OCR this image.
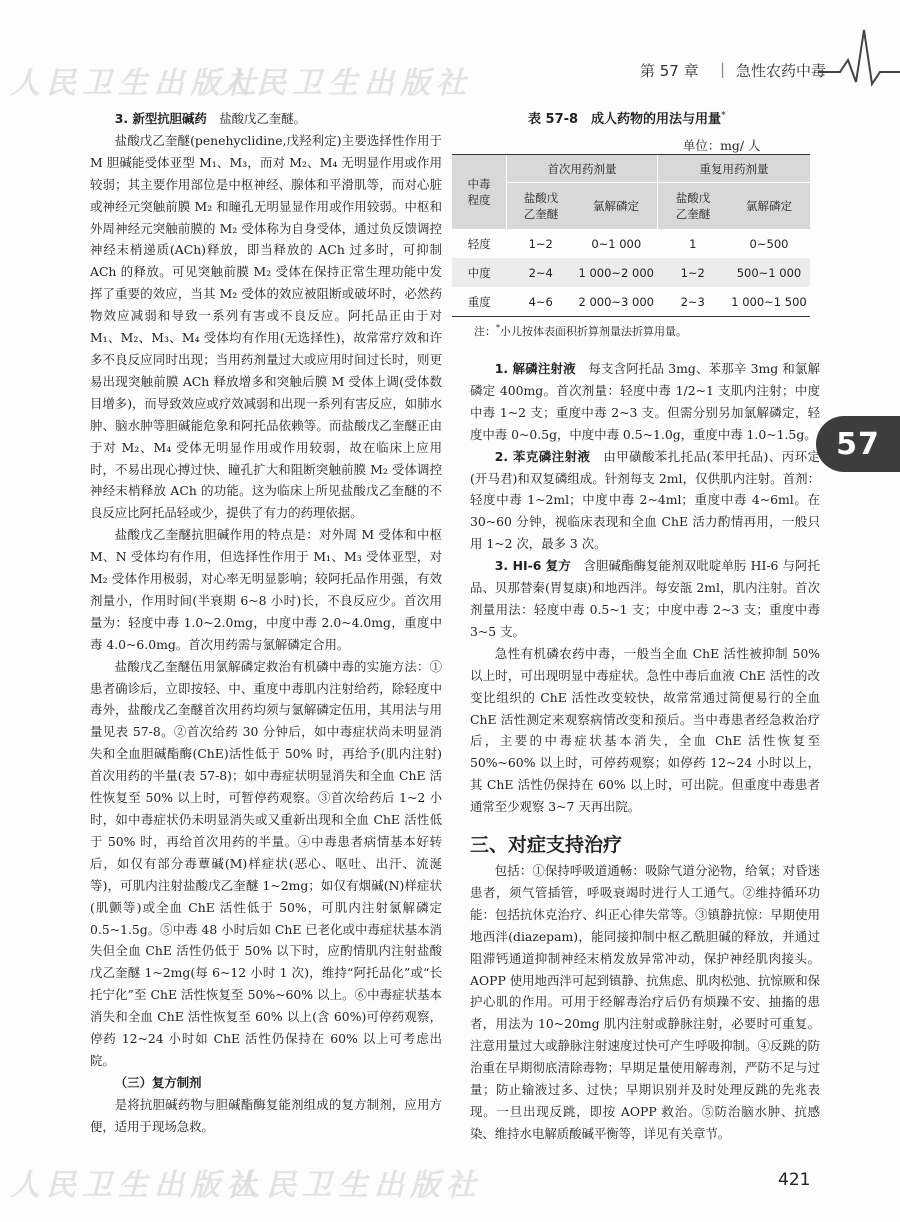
人民卫生出版社
人民卫生出版社
人民卫生出版社
人民卫生出版社
第 57 章 | 急性农药中毒
57

3. 新型抗胆碱药　 盐酸戊乙奎醚。

盐酸戊乙奎醚(penehyclidine,戊羟利定)主要选择性作用于 M 胆碱能受体亚型 M₁、M₃，而对 M₂、M₄ 无明显作用或作用较弱；其主要作用部位是中枢神经、腺体和平滑肌等，而对心脏或神经元突触前膜 M₂ 和瞳孔无明显显作用或作用较弱。中枢和外周神经元突触前膜的 M₂ 受体称为自身受体，通过负反馈调控神经末梢递质(ACh)释放，即当释放的 ACh 过多时，可抑制 ACh 的释放。可见突触前膜 M₂ 受体在保持正常生理功能中发挥了重要的效应，当其 M₂ 受体的效应被阻断或破坏时，必然药物效应减弱和导致一系列有害或不良反应。阿托品正由于对 M₁、M₂、M₃、M₄ 受体均有作用(无选择性)，故常常疗效和许多不良反应同时出现；当用药剂量过大或应用时间过长时，则更易出现突触前膜 ACh 释放增多和突触后膜 M 受体上调(受体数目增多)，而导致效应或疗效减弱和出现一系列有害反应，如肺水肿、脑水肿等胆碱能危象和阿托品依赖等。而盐酸戊乙奎醚正由于对 M₂、M₄ 受体无明显作用或作用较弱，故在临床上应用时，不易出现心搏过快、瞳孔扩大和阻断突触前膜 M₂ 受体调控神经末梢释放 ACh 的功能。这为临床上所见盐酸戊乙奎醚的不良反应比阿托品轻或少，提供了有力的药理依据。

盐酸戊乙奎醚抗胆碱作用的特点是：对外周 M 受体和中枢 M、N 受体均有作用，但选择性作用于 M₁、M₃ 受体亚型，对 M₂ 受体作用极弱，对心率无明显影响；较阿托品作用强，有效剂量小，作用时间(半衰期 6~8 小时)长，不良反应少。首次用量为：轻度中毒 1.0~2.0mg，中度中毒 2.0~4.0mg，重度中毒 4.0~6.0mg。首次用药需与氯解磷定合用。

盐酸戊乙奎醚伍用氯解磷定救治有机磷中毒的实施方法：①患者确诊后，立即按轻、中、重度中毒肌内注射给药，除轻度中毒外，盐酸戊乙奎醚首次用药均须与氯解磷定伍用，其用法与用量见表 57-8。②首次给药 30 分钟后，如中毒症状尚未明显消失和全血胆碱酯酶(ChE)活性低于 50% 时，再给予(肌内注射)首次用药的半量(表 57-8)；如中毒症状明显消失和全血 ChE 活性恢复至 50% 以上时，可暂停药观察。③首次给药后 1~2 小时，如中毒症状仍未明显消失或又重新出现和全血 ChE 活性低于 50% 时，再给首次用药的半量。④中毒患者病情基本好转后，如仅有部分毒蕈碱(M)样症状(恶心、呕吐、出汗、流涎等)，可肌内注射盐酸戊乙奎醚 1~2mg；如仅有烟碱(N)样症状(肌颤等)或全血 ChE 活性低于 50%，可肌内注射氯解磷定 0.5~1.5g。⑤中毒 48 小时后如 ChE 已老化或中毒症状基本消失但全血 ChE 活性仍低于 50% 以下时，应酌情肌内注射盐酸戊乙奎醚 1~2mg(每 6~12 小时 1 次)，维持“阿托品化”或“长托宁化”至 ChE 活性恢复至 50%~60% 以上。⑥中毒症状基本消失和全血 ChE 活性恢复至 60% 以上(含 60%)可停药观察，停药 12~24 小时如 ChE 活性仍保持在 60% 以上可考虑出院。

（三）复方制剂

是将抗胆碱药物与胆碱酯酶复能剂组成的复方制剂，应用方便，适用于现场急救。

表 57-8　成人药物的用法与用量*
单位：mg/ 人
中毒
程度	首次用药剂量		重复用药剂量	
	盐酸戊
乙奎醚	氯解磷定	盐酸戊
乙奎醚	氯解磷定
轻度	1~2	0~1 000	1	0~500
中度	2~4	1 000~2 000	1~2	500~1 000
重度	4~6	2 000~3 000	2~3	1 000~1 500
注：*小儿按体表面积折算剂量法折算用量。

1. 解磷注射液　 每支含阿托品 3mg、苯那辛 3mg 和氯解磷定 400mg。首次剂量：轻度中毒 1/2~1 支肌内注射；中度中毒 1~2 支；重度中毒 2~3 支。但需分别另加氯解磷定，轻度中毒 0~0.5g，中度中毒 0.5~1.0g，重度中毒 1.0~1.5g。

2. 苯克磷注射液　 由甲磺酸苯扎托品(苯甲托品)、丙环定(开马君)和双复磷组成。针剂每支 2ml，仅供肌内注射。首剂：轻度中毒 1~2ml；中度中毒 2~4ml；重度中毒 4~6ml。在 30~60 分钟，视临床表现和全血 ChE 活力酌情再用，一般只用 1~2 次，最多 3 次。

3. HI-6 复方　 含胆碱酯酶复能剂双吡啶单肟 HI-6 与阿托品、贝那替秦(胃复康)和地西泮。每安瓿 2ml，肌内注射。首次剂量用法：轻度中毒 0.5~1 支；中度中毒 2~3 支；重度中毒 3~5 支。

急性有机磷农药中毒，一般当全血 ChE 活性被抑制 50% 以上时，可出现明显中毒症状。急性中毒后血液 ChE 活性的改变比组织的 ChE 活性改变较快，故常常通过简便易行的全血 ChE 活性测定来观察病情改变和预后。当中毒患者经急救治疗后，主要的中毒症状基本消失，全血 ChE 活性恢复至 50%~60% 以上时，可停药观察；如停药 12~24 小时以上，其 ChE 活性仍保持在 60% 以上时，可出院。但重度中毒患者通常至少观察 3~7 天再出院。

三、对症支持治疗

包括：①保持呼吸道通畅：吸除气道分泌物，给氧；对昏迷患者，须气管插管，呼吸衰竭时进行人工通气。②维持循环功能：包括抗休克治疗、纠正心律失常等。③镇静抗惊：早期使用地西泮(diazepam)，能同接抑制中枢乙酰胆碱的释放，并通过阻滞钙通道抑制神经末梢发放异常冲动，保护神经肌肉接头。AOPP 使用地西泮可起到镇静、抗焦虑、肌肉松弛、抗惊厥和保护心肌的作用。可用于经解毒治疗后仍有烦躁不安、抽搐的患者，用法为 10~20mg 肌内注射或静脉注射，必要时可重复。注意用量过大或静脉注射速度过快可产生呼吸抑制。④反跳的防治重在早期彻底清除毒物；早期足量使用解毒剂，严防不足与过量；防止输液过多、过快；早期识别并及时处理反跳的先兆表现。一旦出现反跳，即按 AOPP 救治。⑤防治脑水肿、抗感染、维持水电解质酸碱平衡等，详见有关章节。

421
